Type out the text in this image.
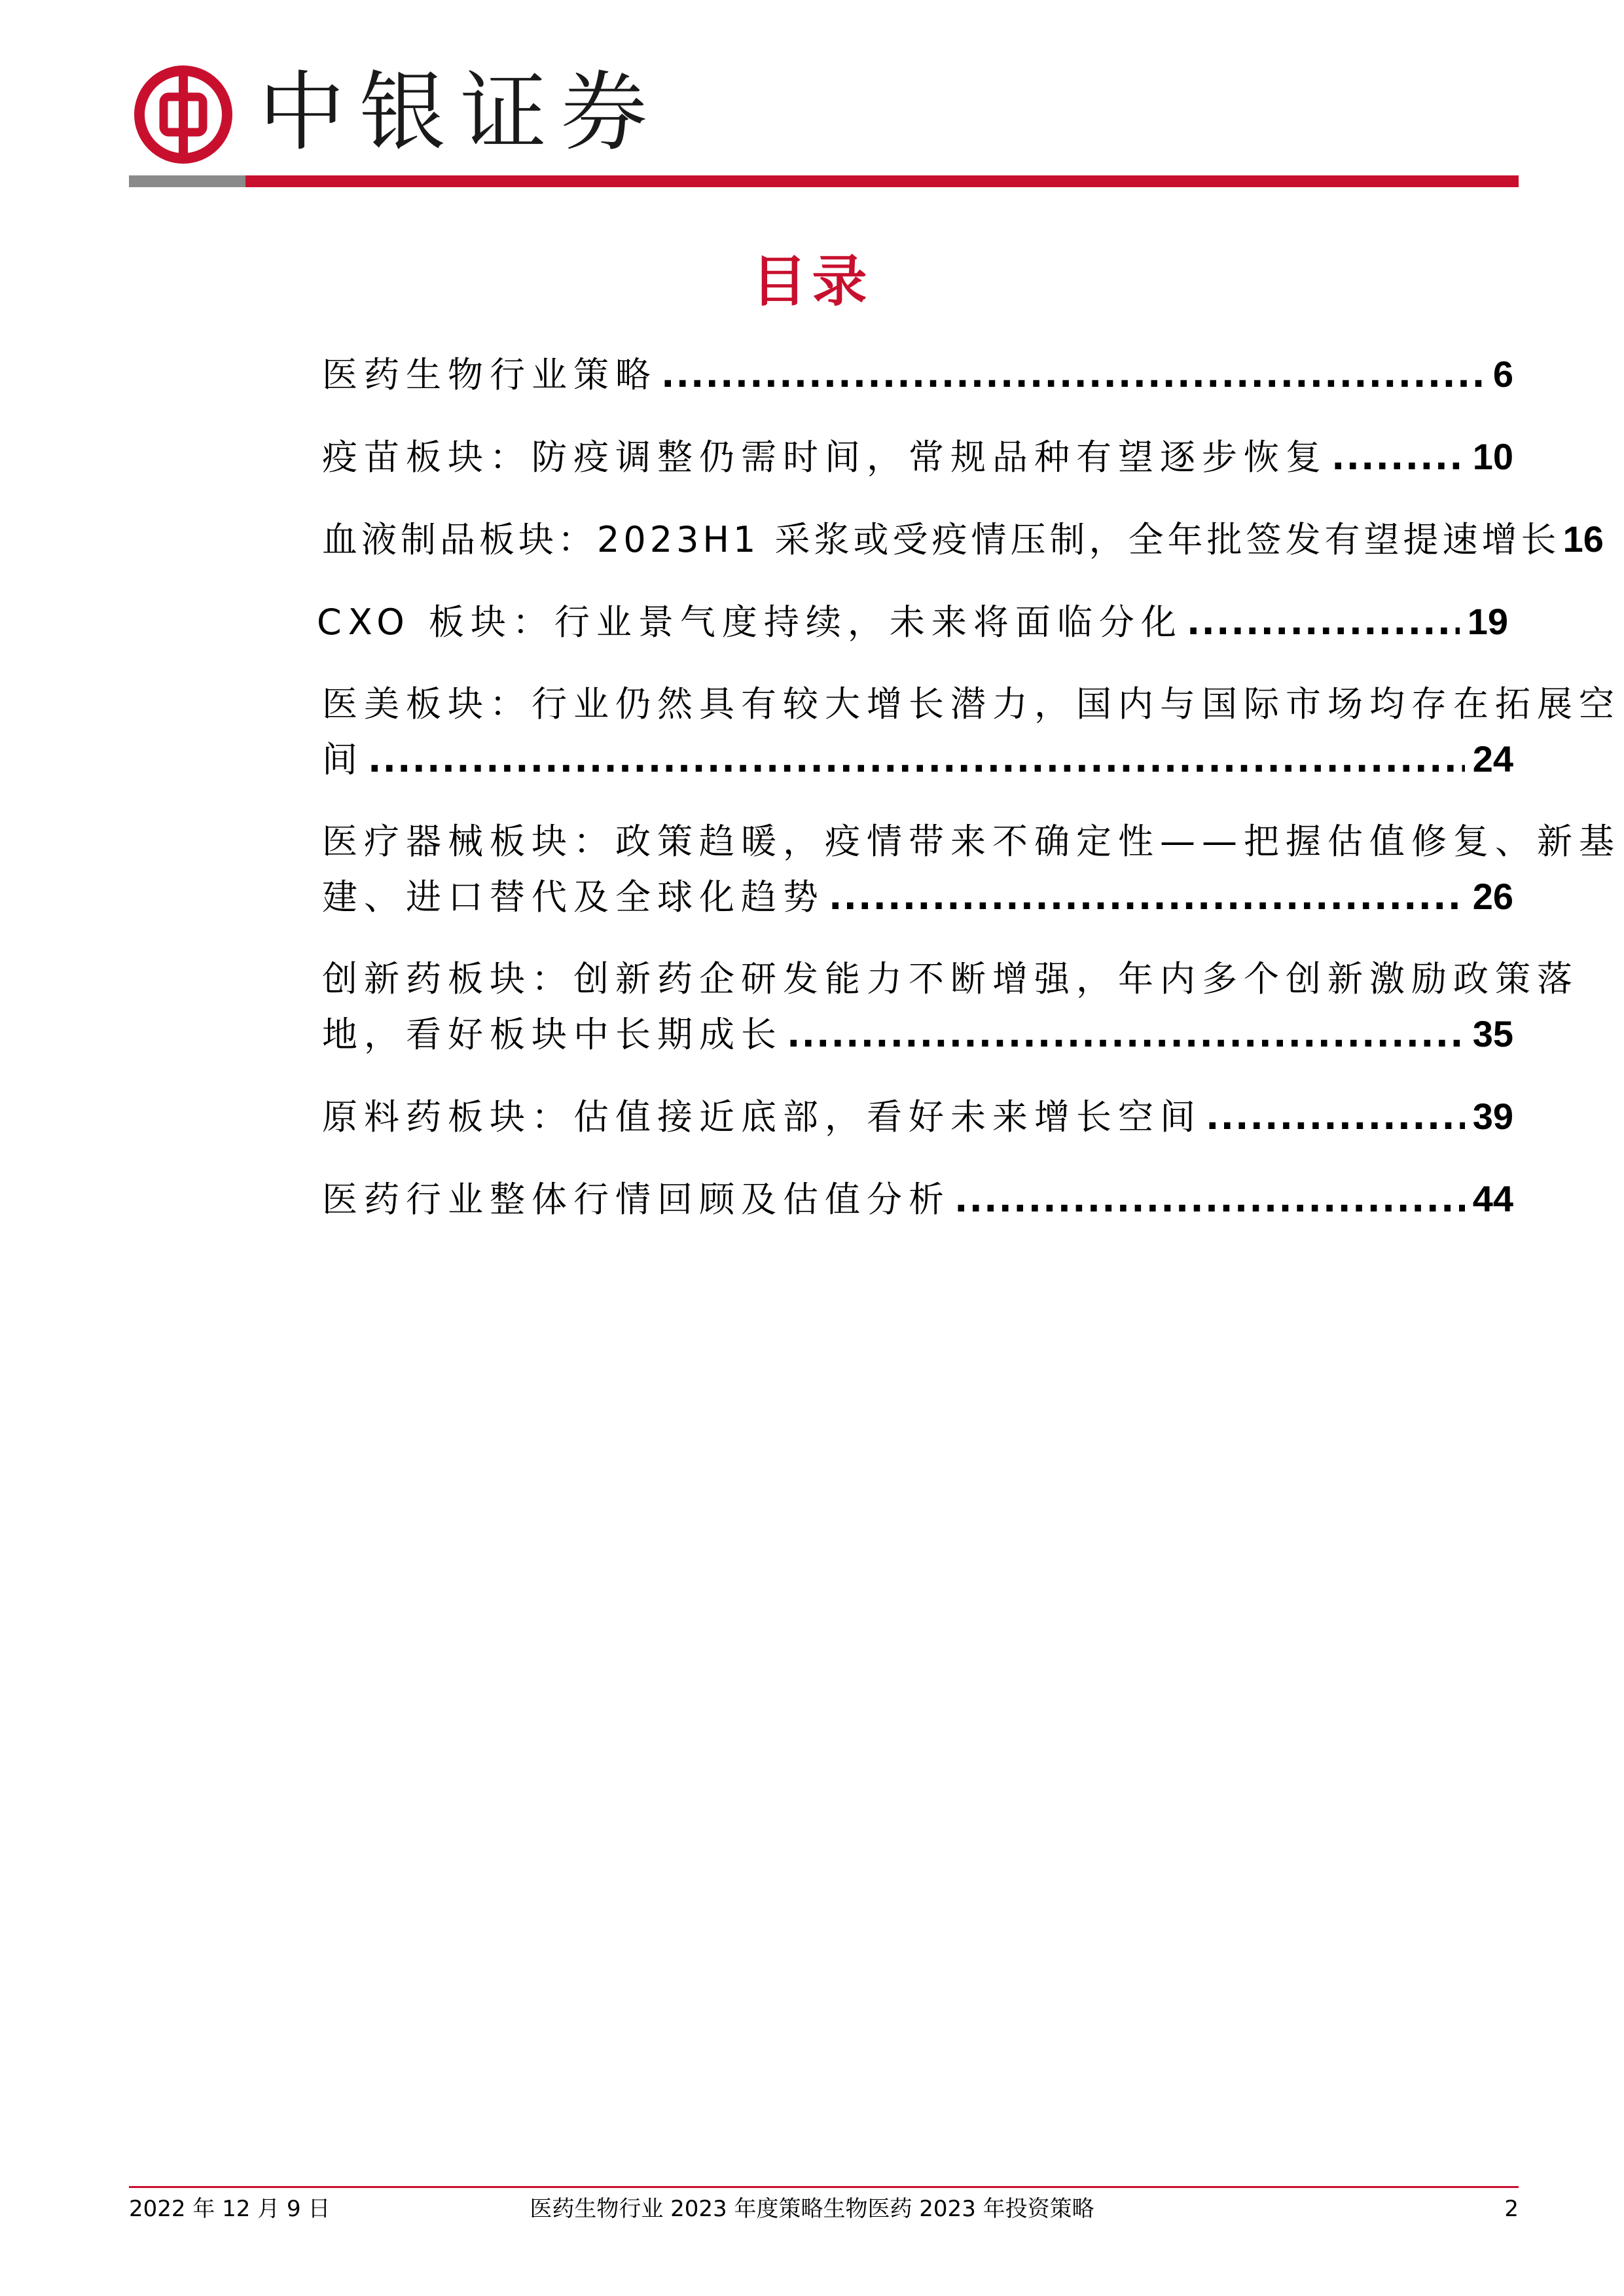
中银证券
目录
医药生物行业策略 .....	6
疫苗板块：防疫调整仍需时间，常规品种有望逐步恢复 .....	10
血液制品板块：2023H1 采浆或受疫情压制，全年批签发有望提速增长 16
CXO 板块：行业景气度持续，未来将面临分化 .....	19
医美板块：行业仍然具有较大增长潜力，国内与国际市场均存在拓展空
间 .....	24
医疗器械板块：政策趋暖，疫情带来不确定性——把握估值修复、新基
建、进口替代及全球化趋势 .....	26
创新药板块：创新药企研发能力不断增强，年内多个创新激励政策落
地，看好板块中长期成长 .....	35
原料药板块：估值接近底部，看好未来增长空间 .....	39
医药行业整体行情回顾及估值分析 .....	44
2022 年 12 月 9 日	医药生物行业 2023 年度策略生物医药 2023 年投资策略	2
